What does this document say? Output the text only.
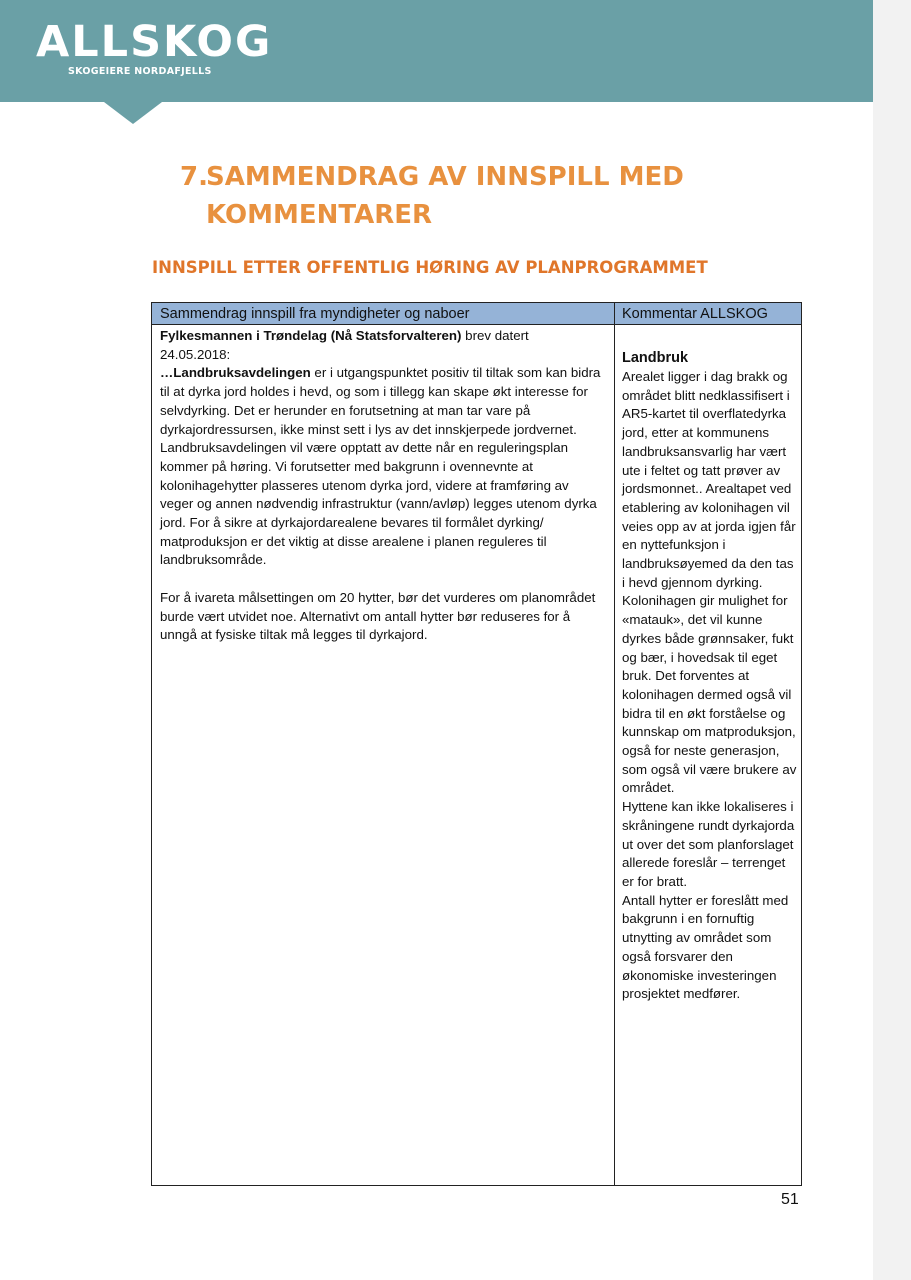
ALLSKOG
SKOGEIERE NORDAFJELLS
7.SAMMENDRAG AV INNSPILL MED
KOMMENTARER
INNSPILL ETTER OFFENTLIG HØRING AV PLANPROGRAMMET
Sammendrag innspill fra myndigheter og naboer	Kommentar ALLSKOG

Fylkesmannen i Trøndelag (Nå Statsforvalteren) brev datert

24.05.2018:

…Landbruksavdelingen er i utgangspunktet positiv til tiltak som kan bidra til at dyrka jord holdes i hevd, og som i tillegg kan skape økt interesse for selvdyrking. Det er herunder en forutsetning at man tar vare på dyrkajordressursen, ikke minst sett i lys av det innskjerpede jordvernet. Landbruksavdelingen vil være opptatt av dette når en reguleringsplan kommer på høring. Vi forutsetter med bakgrunn i ovennevnte at kolonihagehytter plasseres utenom dyrka jord, videre at framføring av veger og annen nødvendig infrastruktur (vann/avløp) legges utenom dyrka jord. For å sikre at dyrkajordarealene bevares til formålet dyrking/ matproduksjon er det viktig at disse arealene i planen reguleres til landbruksområde.

For å ivareta målsettingen om 20 hytter, bør det vurderes om planområdet burde vært utvidet noe. Alternativt om antall hytter bør reduseres for å unngå at fysiske tiltak må legges til dyrkajord.

Landbruk

Arealet ligger i dag brakk og området blitt nedklassifisert i AR5-kartet til overflatedyrka jord, etter at kommunens landbruksansvarlig har vært ute i feltet og tatt prøver av jordsmonnet.. Arealtapet ved etablering av kolonihagen vil veies opp av at jorda igjen får en nyttefunksjon i landbruksøyemed da den tas i hevd gjennom dyrking. Kolonihagen gir mulighet for «matauk», det vil kunne dyrkes både grønnsaker, fukt og bær, i hovedsak til eget bruk. Det forventes at kolonihagen dermed også vil bidra til en økt forståelse og kunnskap om matproduksjon, også for neste generasjon, som også vil være brukere av området.

Hyttene kan ikke lokaliseres i skråningene rundt dyrkajorda ut over det som planforslaget allerede foreslår – terrenget er for bratt.

Antall hytter er foreslått med bakgrunn i en fornuftig utnytting av området som også forsvarer den økonomiske investeringen prosjektet medfører.

51
